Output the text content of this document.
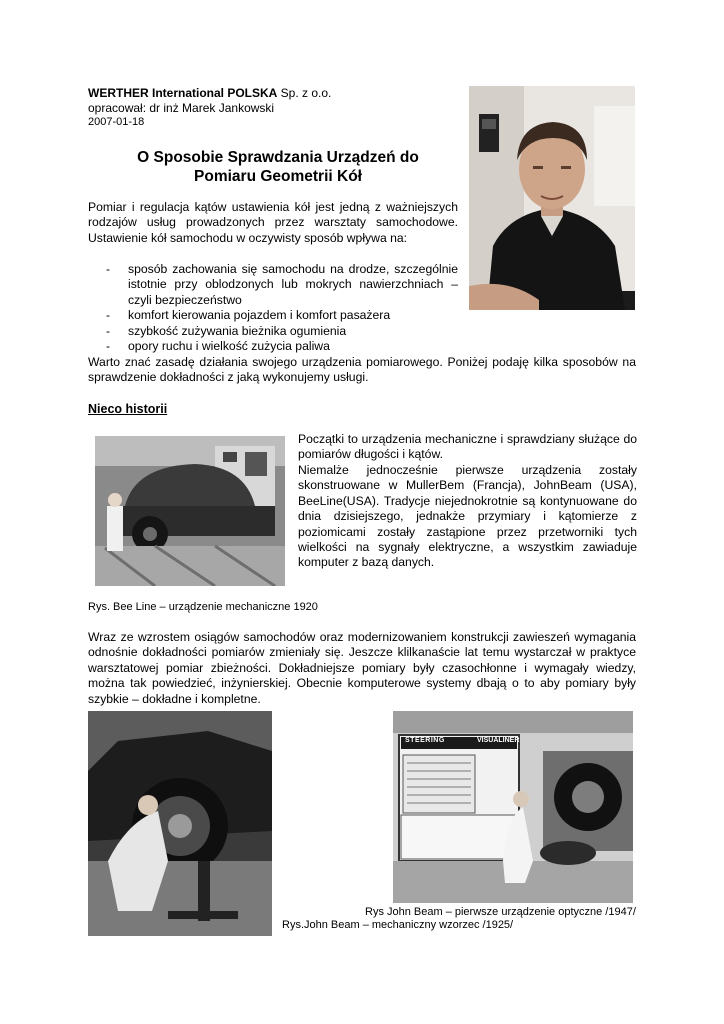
WERTHER International POLSKA Sp. z o.o.
opracował: dr inż Marek Jankowski
2007-01-18
O Sposobie Sprawdzania Urządzeń do
Pomiaru Geometrii Kół
Pomiar i regulacja kątów ustawienia kół jest jedną z ważniejszych rodzajów usług prowadzonych przez warsztaty samochodowe. Ustawienie kół samochodu w oczywisty sposób wpływa na:
- sposób zachowania się samochodu na drodze, szczególnie istotnie przy oblodzonych lub mokrych nawierzchniach – czyli bezpieczeństwo
- komfort kierowania pojazdem i komfort pasażera
- szybkość zużywania bieżnika ogumienia
- opory ruchu i wielkość zużycia paliwa
Warto znać zasadę działania swojego urządzenia pomiarowego. Poniżej podaję kilka sposobów na sprawdzenie dokładności z jaką wykonujemy usługi.
Nieco historii
Początki to urządzenia mechaniczne i sprawdziany służące do pomiarów długości i kątów.
Niemalże jednocześnie pierwsze urządzenia zostały skonstruowane w MullerBem (Francja), JohnBeam (USA), BeeLine(USA). Tradycje niejednokrotnie są kontynuowane do dnia dzisiejszego, jednakże przymiary i kątomierze z poziomicami zostały zastąpione przez przetworniki tych wielkości na sygnały elektryczne, a wszystkim zawiaduje komputer z bazą danych.
Rys. Bee Line – urządzenie mechaniczne 1920
Wraz ze wzrostem osiągów samochodów oraz modernizowaniem konstrukcji zawieszeń wymagania odnośnie dokładności pomiarów zmieniały się. Jeszcze klilkanaście lat temu wystarczał w praktyce warsztatowej pomiar zbieżności. Dokładniejsze pomiary były czasochłonne i wymagały wiedzy, można tak powiedzieć, inżynierskiej. Obecnie komputerowe systemy dbają o to aby pomiary były szybkie – dokładne i kompletne.
STEERING	VISUALINER
Rys John Beam – pierwsze urządzenie optyczne /1947/
Rys.John Beam – mechaniczny wzorzec /1925/
